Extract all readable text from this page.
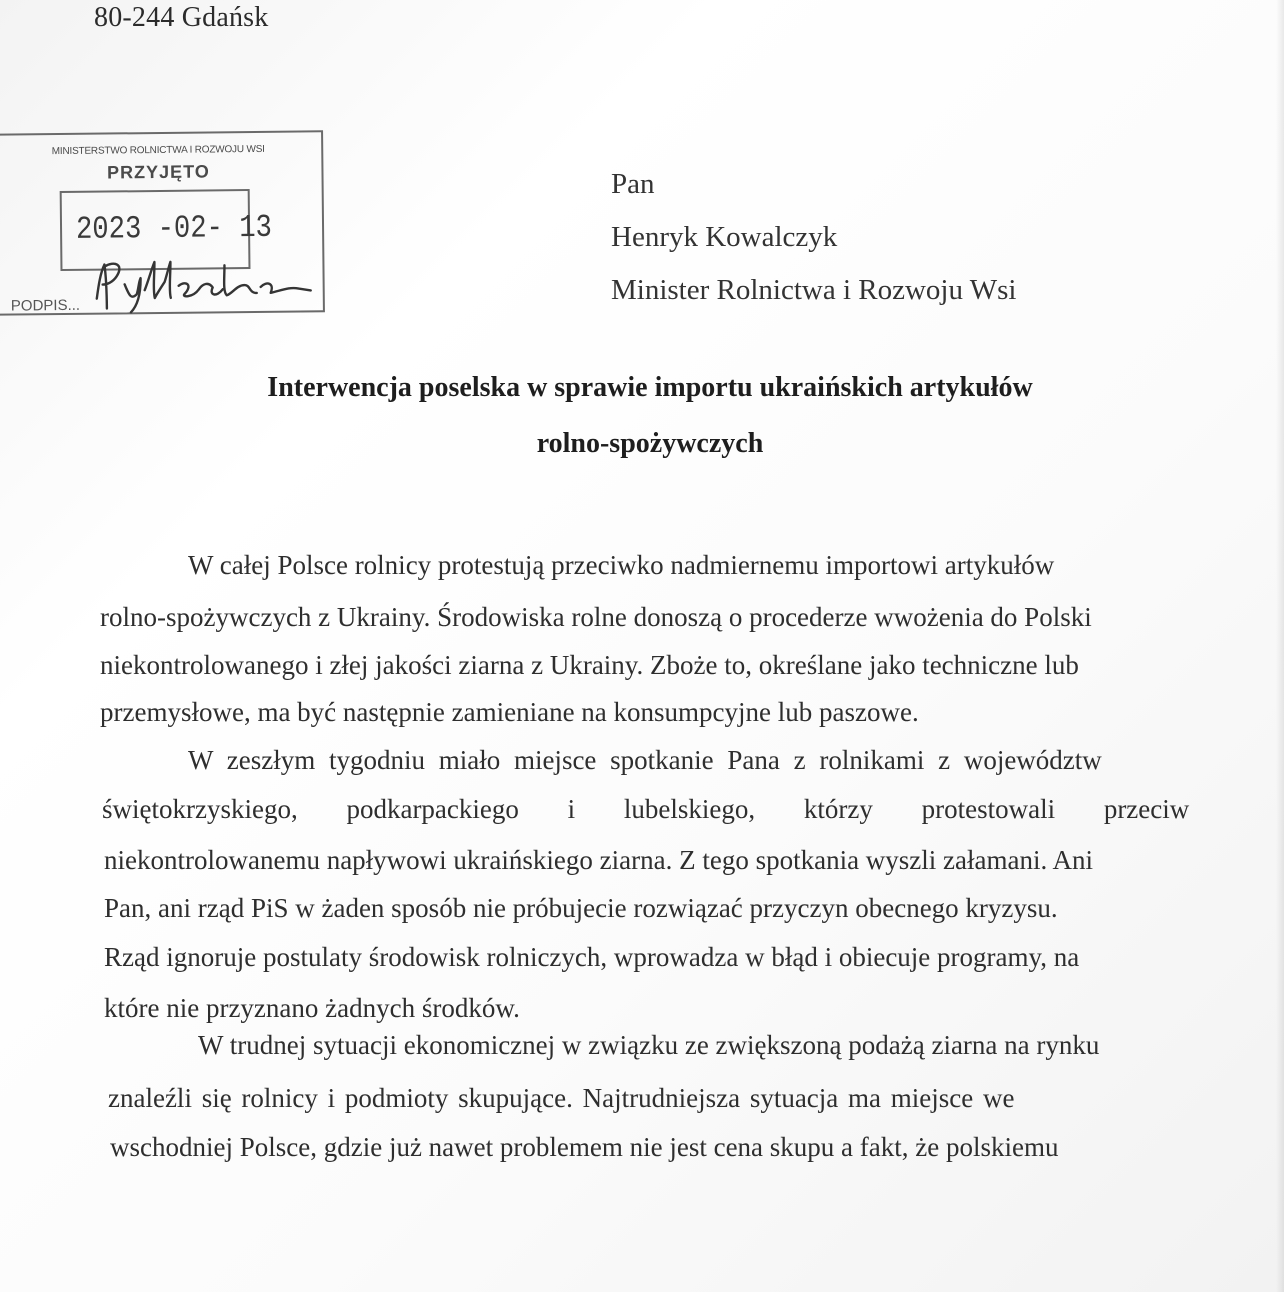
80-244 Gdańsk
MINISTERSTWO ROLNICTWA I ROZWOJU WSI
PRZYJĘTO
2023 -02- 13
PODPIS...
Pan
Henryk Kowalczyk
Minister Rolnictwa i Rozwoju Wsi
Interwencja poselska w sprawie importu ukraińskich artykułów
rolno-spożywczych
W całej Polsce rolnicy protestują przeciwko nadmiernemu importowi artykułów
rolno-spożywczych z Ukrainy. Środowiska rolne donoszą o procederze wwożenia do Polski
niekontrolowanego i złej jakości ziarna z Ukrainy. Zboże to, określane jako techniczne lub
przemysłowe, ma być następnie zamieniane na konsumpcyjne lub paszowe.
W zeszłym tygodniu miało miejsce spotkanie Pana z rolnikami z województw
świętokrzyskiego, podkarpackiego i lubelskiego, którzy protestowali przeciw
niekontrolowanemu napływowi ukraińskiego ziarna. Z tego spotkania wyszli załamani. Ani
Pan, ani rząd PiS w żaden sposób nie próbujecie rozwiązać przyczyn obecnego kryzysu.
Rząd ignoruje postulaty środowisk rolniczych, wprowadza w błąd i obiecuje programy, na
które nie przyznano żadnych środków.
W trudnej sytuacji ekonomicznej w związku ze zwiększoną podażą ziarna na rynku
znaleźli się rolnicy i podmioty skupujące. Najtrudniejsza sytuacja ma miejsce we
wschodniej Polsce, gdzie już nawet problemem nie jest cena skupu a fakt, że polskiemu
